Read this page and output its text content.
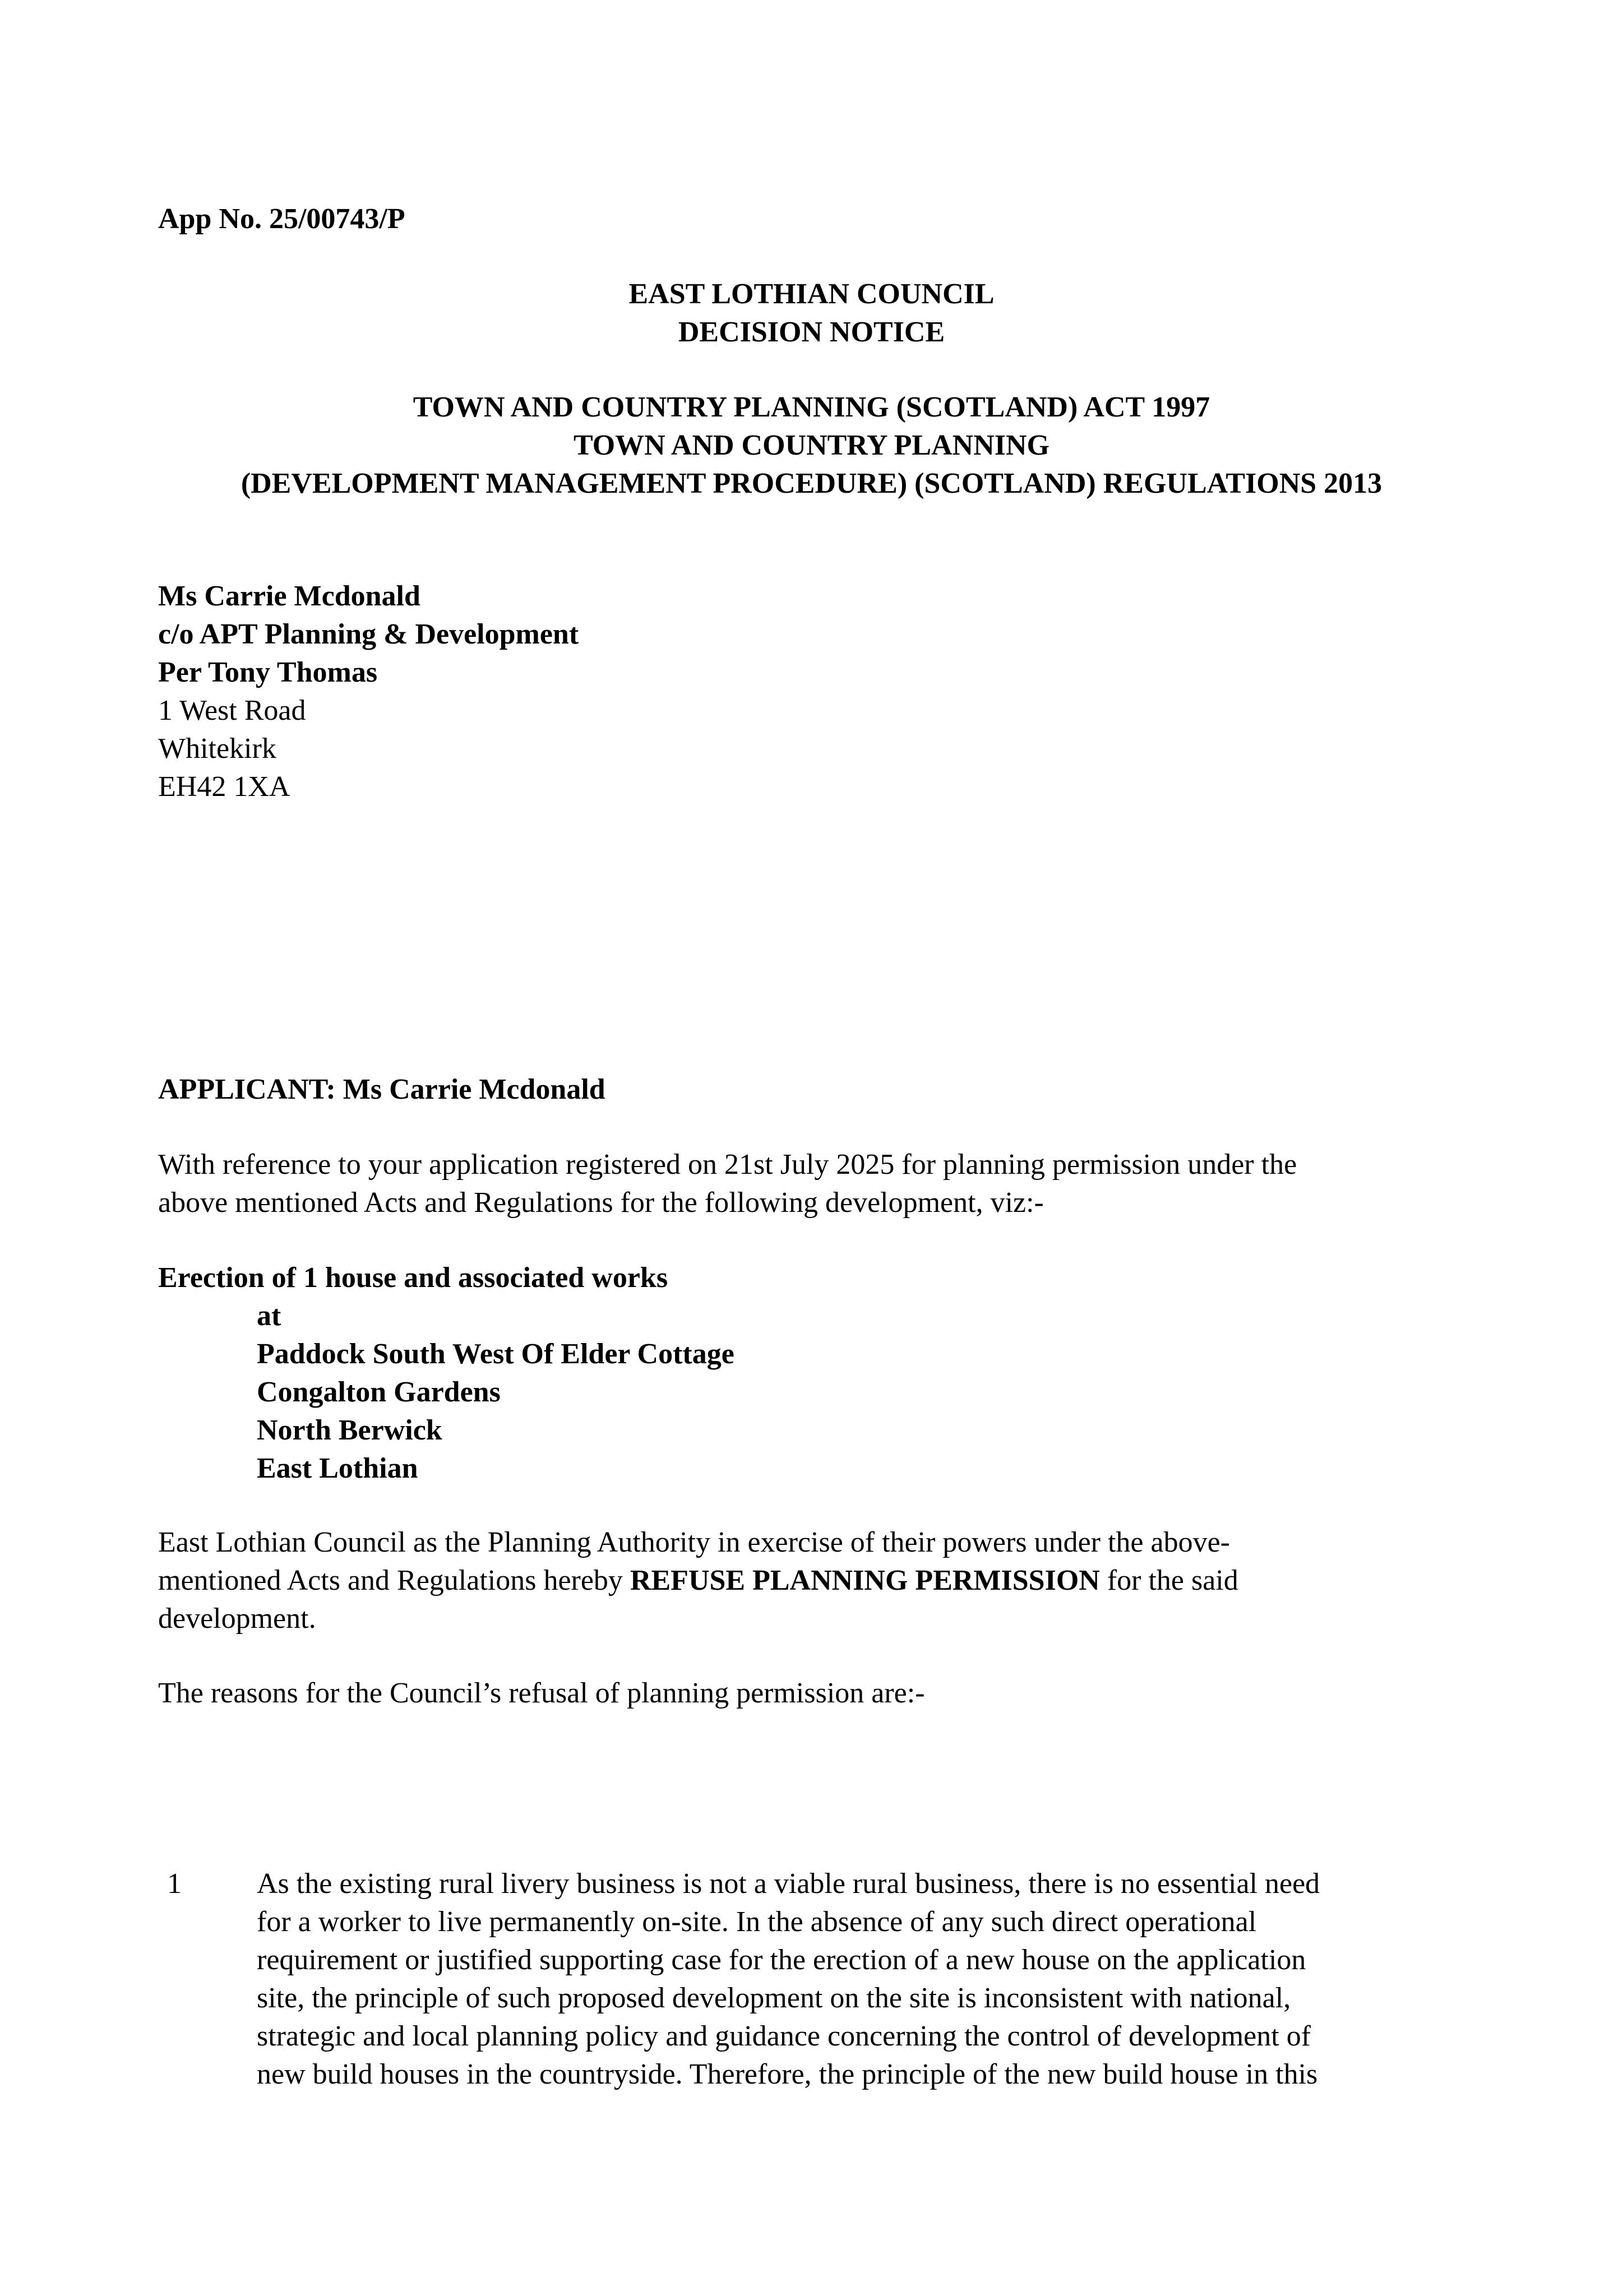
App No. 25/00743/P
EAST LOTHIAN COUNCIL
DECISION NOTICE
TOWN AND COUNTRY PLANNING (SCOTLAND) ACT 1997
TOWN AND COUNTRY PLANNING
(DEVELOPMENT MANAGEMENT PROCEDURE) (SCOTLAND) REGULATIONS 2013
Ms Carrie Mcdonald
c/o APT Planning & Development
Per Tony Thomas
1 West Road
Whitekirk
EH42 1XA
APPLICANT: Ms Carrie Mcdonald
With reference to your application registered on 21st July 2025 for planning permission under the
above mentioned Acts and Regulations for the following development, viz:-
Erection of 1 house and associated works
at
Paddock South West Of Elder Cottage
Congalton Gardens
North Berwick
East Lothian
East Lothian Council as the Planning Authority in exercise of their powers under the above-
mentioned Acts and Regulations hereby REFUSE PLANNING PERMISSION for the said
development.
The reasons for the Council’s refusal of planning permission are:-
1	As the existing rural livery business is not a viable rural business, there is no essential need
for a worker to live permanently on-site. In the absence of any such direct operational
requirement or justified supporting case for the erection of a new house on the application
site, the principle of such proposed development on the site is inconsistent with national,
strategic and local planning policy and guidance concerning the control of development of
new build houses in the countryside. Therefore, the principle of the new build house in this
